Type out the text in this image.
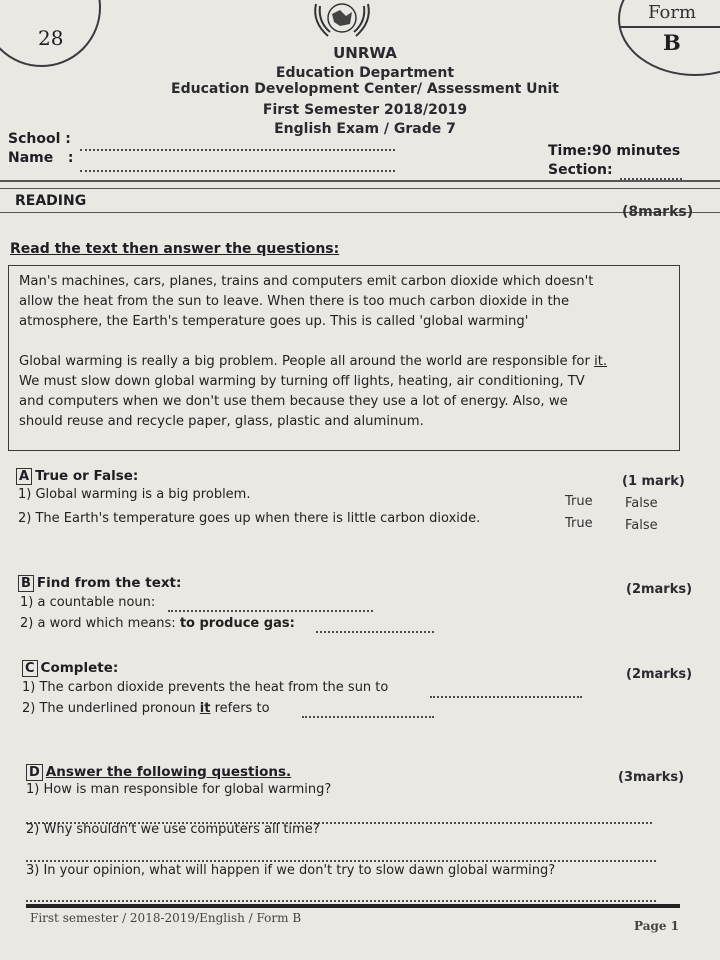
28
Form
B
UNRWA
Education Department
Education Development Center/ Assessment Unit
First Semester 2018/2019
English Exam / Grade 7
School :
Name   :	Time:90 minutes
Section:
READING
(8marks)
Read the text then answer the questions:
Man's machines, cars, planes, trains and computers emit carbon dioxide which doesn't
allow the heat from the sun to leave. When there is too much carbon dioxide in the
atmosphere, the Earth's temperature goes up. This is called 'global warming'
Global warming is really a big problem. People all around the world are responsible for it.
We must slow down global warming by turning off lights, heating, air conditioning, TV
and computers when we don't use them because they use a lot of energy. Also, we
should reuse and recycle paper, glass, plastic and aluminum.
A True or False:	(1 mark)
1) Global warming is a big problem.	True False
2) The Earth's temperature goes up when there is little carbon dioxide.	True False
B Find from the text:	(2marks)
1) a countable noun:
2) a word which means: to produce gas:
C Complete:	(2marks)
1) The carbon dioxide prevents the heat from the sun to
2) The underlined pronoun it refers to
D Answer the following questions.	(3marks)
1) How is man responsible for global warming?
2) Why shouldn't we use computers all time?
3) In your opinion, what will happen if we don't try to slow dawn global warming?
First semester / 2018-2019/English / Form B
Page 1
